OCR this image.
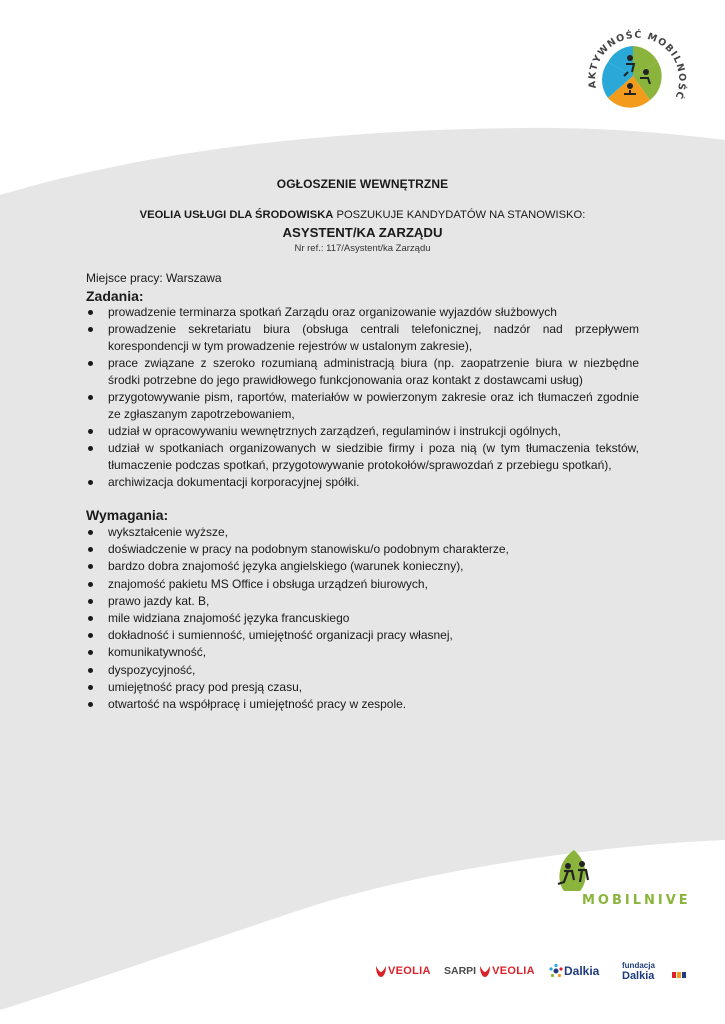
AKTYWNOŚĆ MOBILNOŚĆ
OGŁOSZENIE WEWNĘTRZNE
VEOLIA USŁUGI DLA ŚRODOWISKA POSZUKUJE KANDYDATÓW NA STANOWISKO:
ASYSTENT/KA ZARZĄDU
Nr ref.: 117/Asystent/ka Zarządu
Miejsce pracy: Warszawa
Zadania:
prowadzenie terminarza spotkań Zarządu oraz organizowanie wyjazdów służbowych
prowadzenie sekretariatu biura (obsługa centrali telefonicznej, nadzór nad przepływem korespondencji w tym prowadzenie rejestrów w ustalonym zakresie),
prace związane z szeroko rozumianą administracją biura (np. zaopatrzenie biura w niezbędne środki potrzebne do jego prawidłowego funkcjonowania oraz kontakt z dostawcami usług)
przygotowywanie pism, raportów, materiałów w powierzonym zakresie oraz ich tłumaczeń zgodnie ze zgłaszanym zapotrzebowaniem,
udział w opracowywaniu wewnętrznych zarządzeń, regulaminów i instrukcji ogólnych,
udział w spotkaniach organizowanych w siedzibie firmy i poza nią (w tym tłumaczenia tekstów, tłumaczenie podczas spotkań, przygotowywanie protokołów/sprawozdań z przebiegu spotkań),
archiwizacja dokumentacji korporacyjnej spółki.
Wymagania:
wykształcenie wyższe,
doświadczenie w pracy na podobnym stanowisku/o podobnym charakterze,
bardzo dobra znajomość języka angielskiego (warunek konieczny),
znajomość pakietu MS Office i obsługa urządzeń biurowych,
prawo jazdy kat. B,
mile widziana znajomość języka francuskiego
dokładność i sumienność, umiejętność organizacji pracy własnej,
komunikatywność,
dyspozycyjność,
umiejętność pracy pod presją czasu,
otwartość na współpracę i umiejętność pracy w zespole.
MOBILNIVE
VEOLIA SARPI VEOLIA Dalkia	fundacja
Dalkia
